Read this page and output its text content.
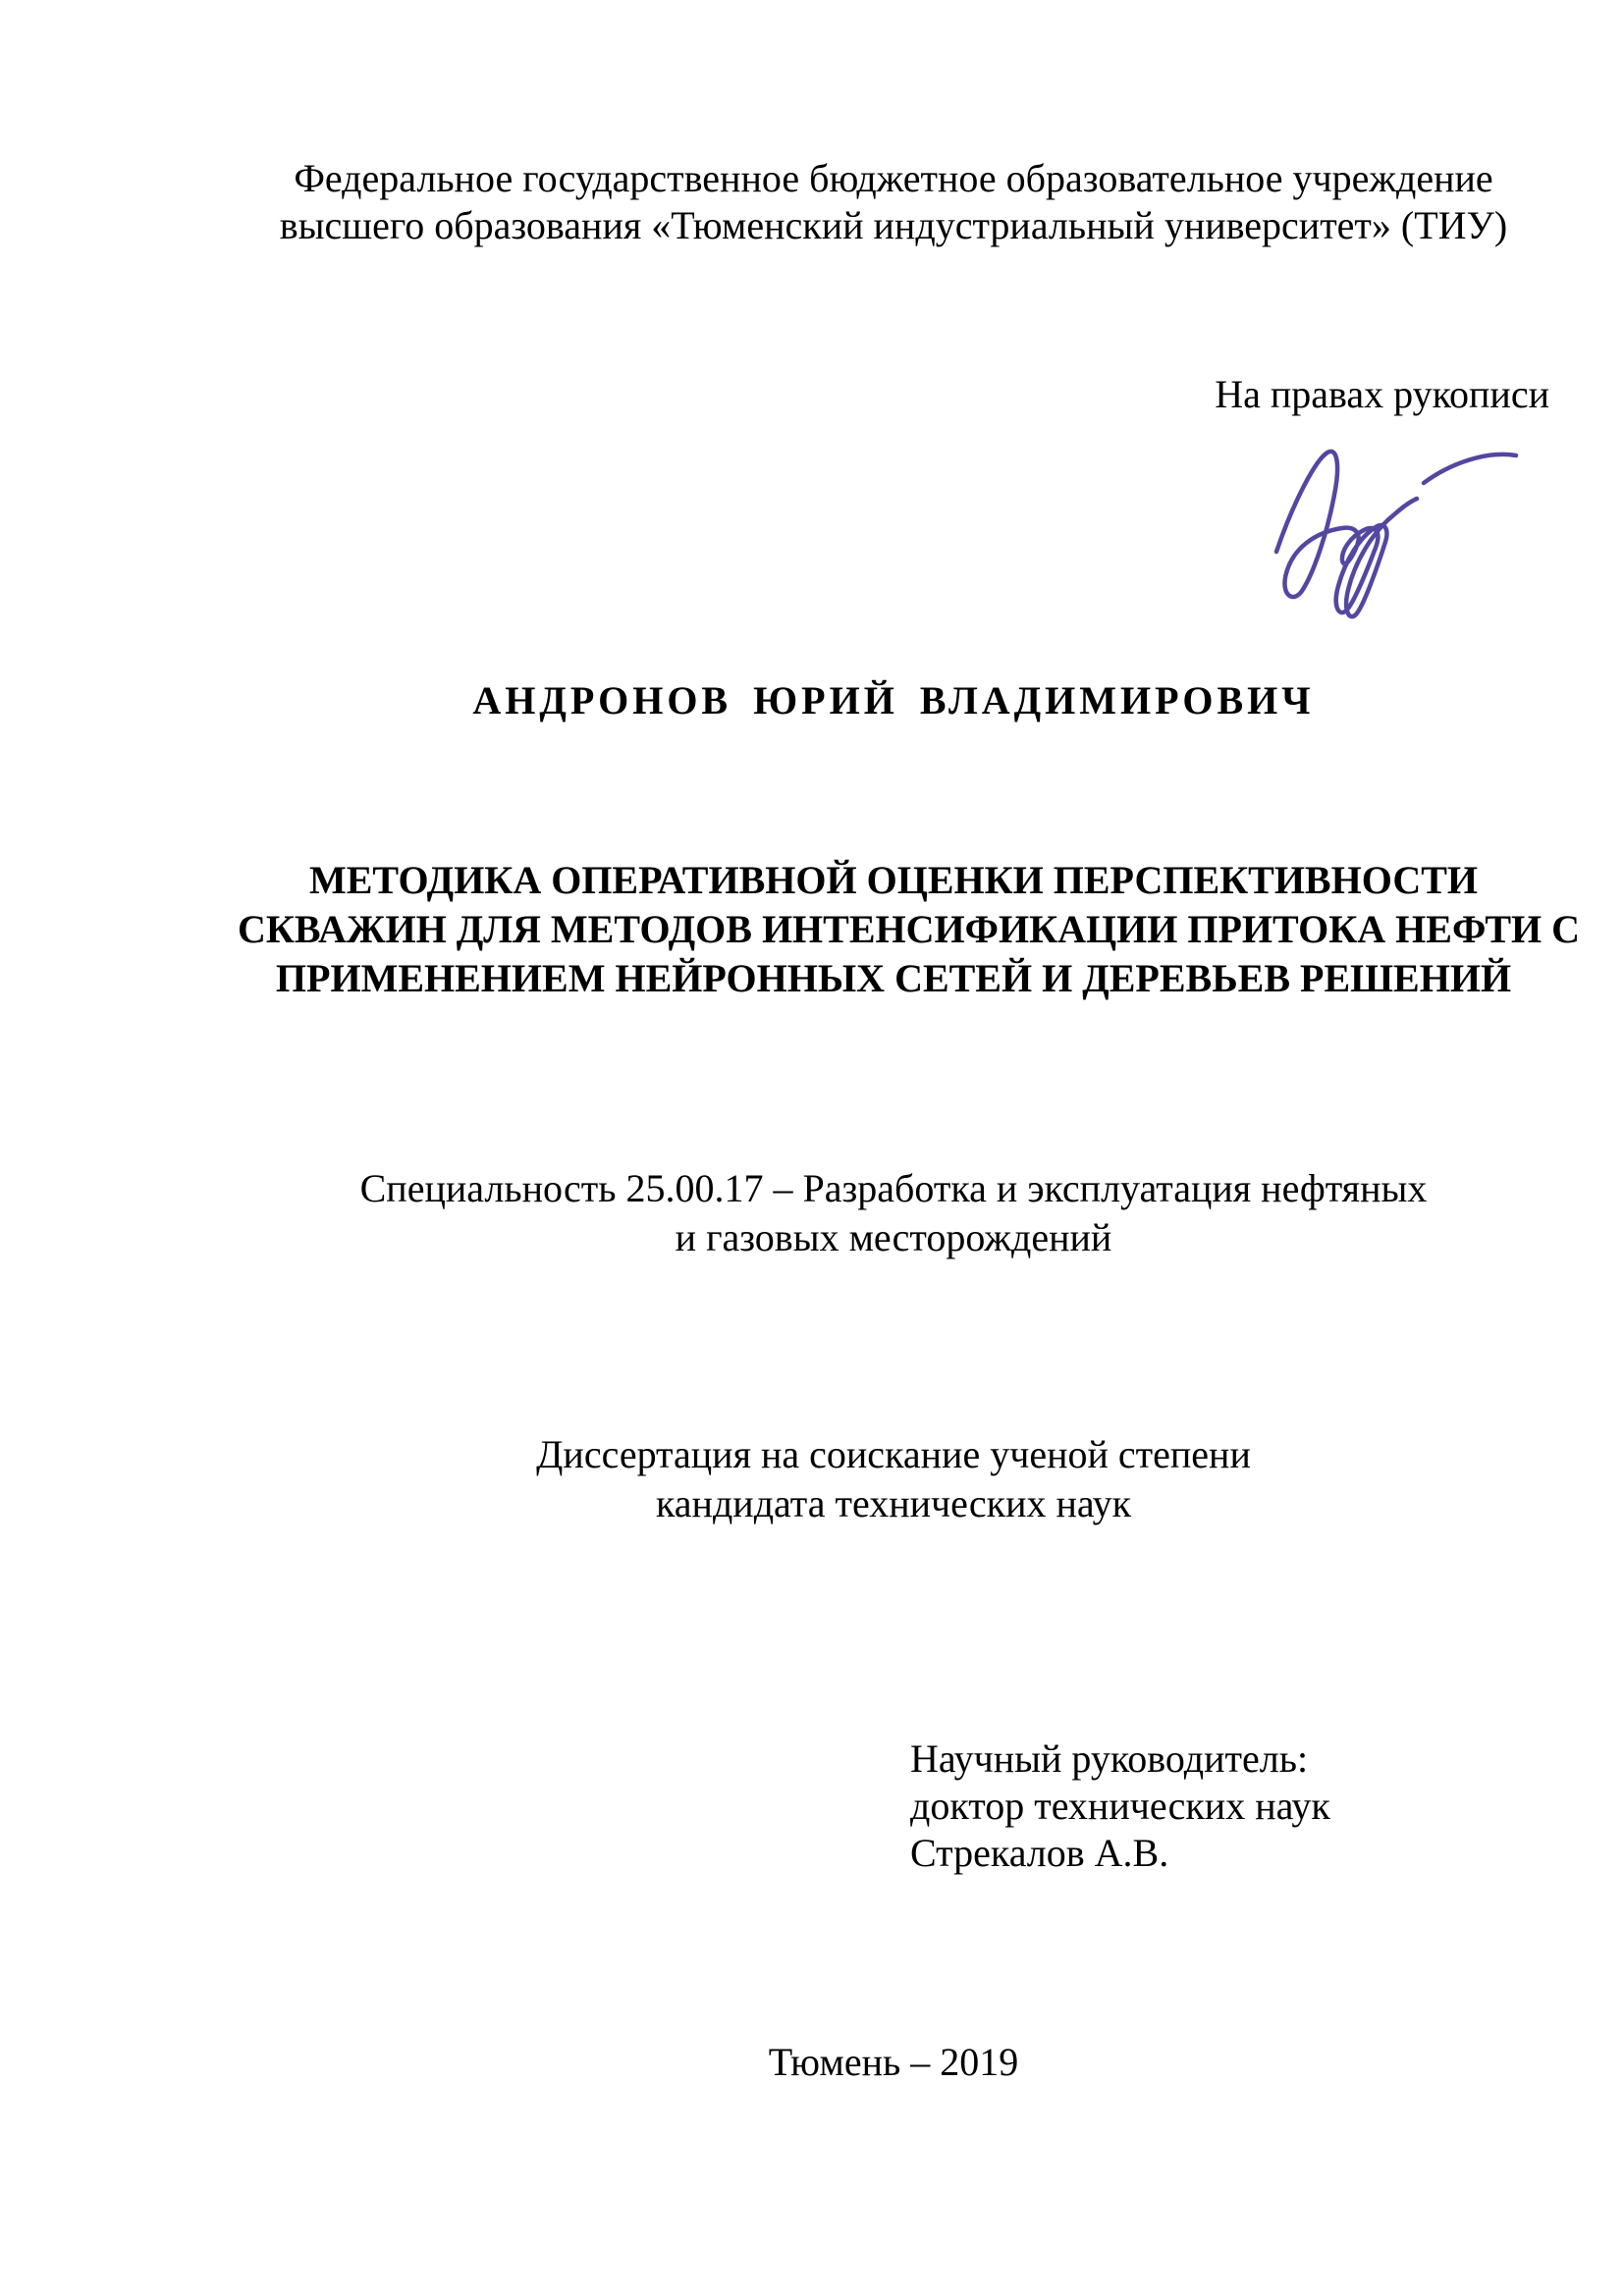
Федеральное государственное бюджетное образовательное учреждение
высшего образования «Тюменский индустриальный университет» (ТИУ)
На правах рукописи
АНДРОНОВ ЮРИЙ ВЛАДИМИРОВИЧ
МЕТОДИКА ОПЕРАТИВНОЙ ОЦЕНКИ ПЕРСПЕКТИВНОСТИ
СКВАЖИН ДЛЯ МЕТОДОВ ИНТЕНСИФИКАЦИИ ПРИТОКА НЕФТИ С
ПРИМЕНЕНИЕМ НЕЙРОННЫХ СЕТЕЙ И ДЕРЕВЬЕВ РЕШЕНИЙ
Специальность 25.00.17 – Разработка и эксплуатация нефтяных
и газовых месторождений
Диссертация на соискание ученой степени
кандидата технических наук
Научный руководитель:
доктор технических наук
Стрекалов А.В.
Тюмень – 2019
